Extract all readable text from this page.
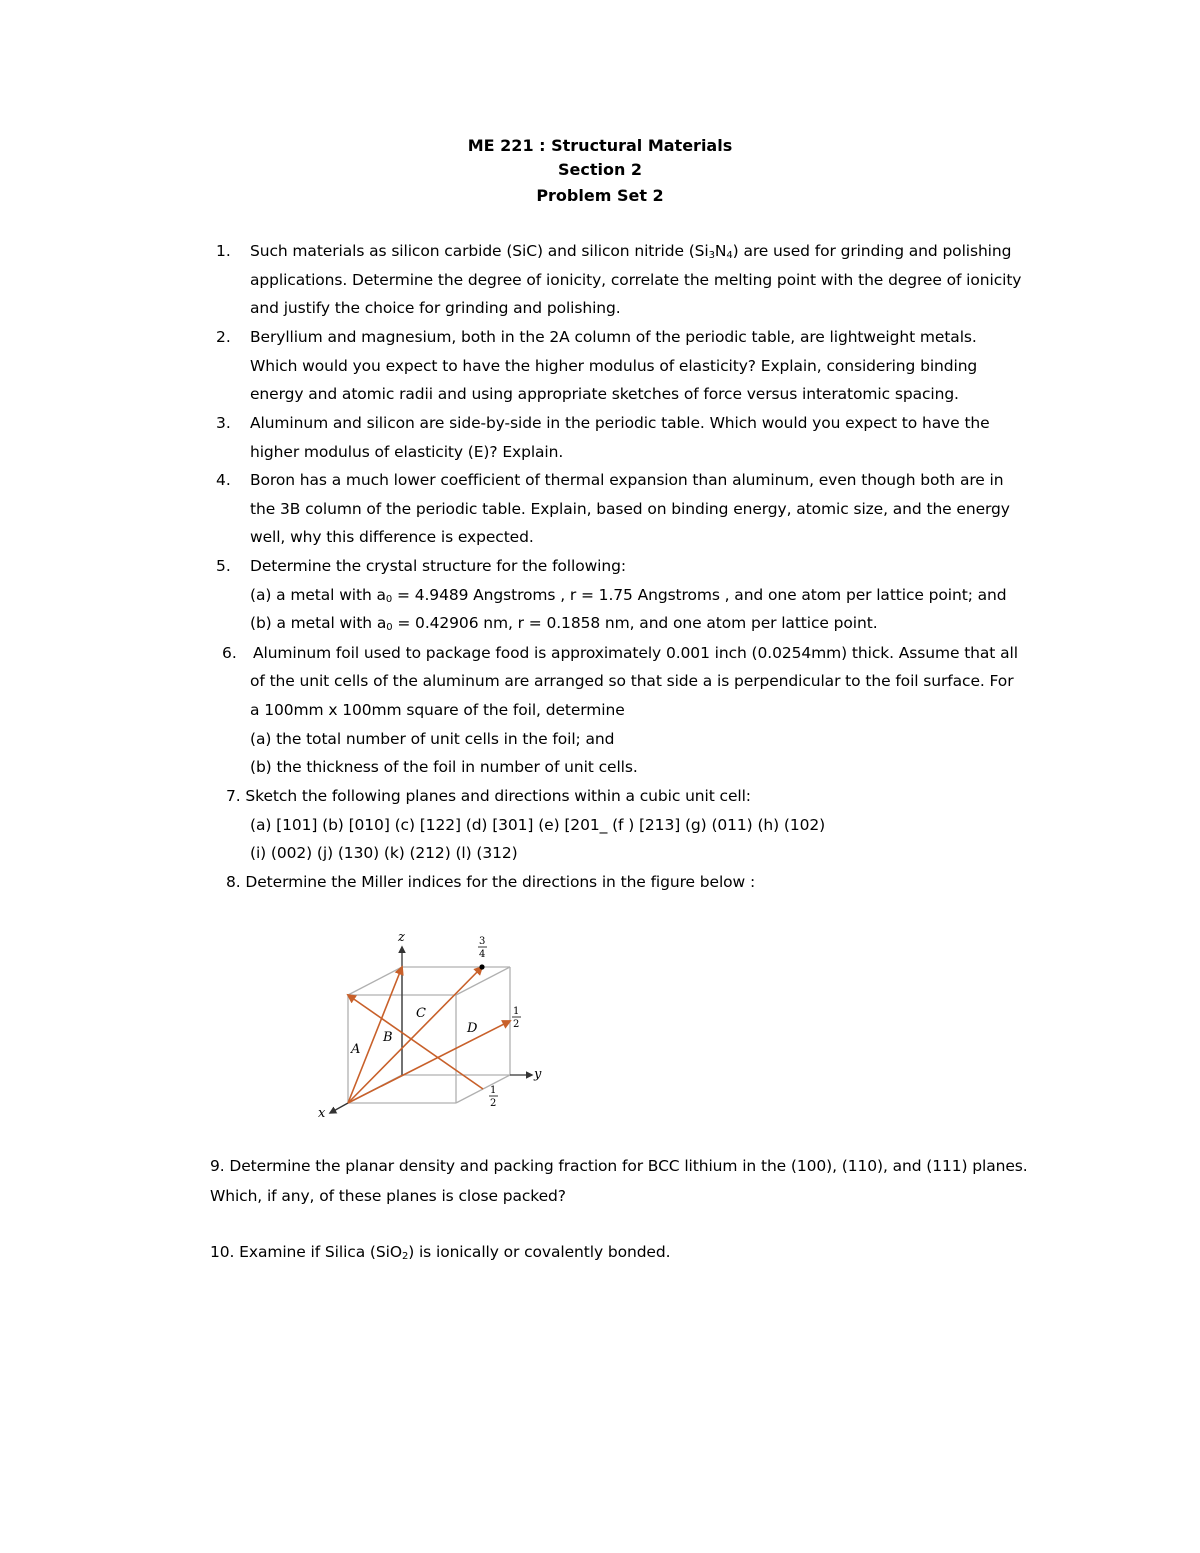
ME 221 : Structural Materials

Section 2

Problem Set 2

1. Such materials as silicon carbide (SiC) and silicon nitride $(Si_3N_4)$ are used for grinding and polishing

applications. Determine the degree of ionicity, correlate the melting point with the degree of ionicity

and justify the choice for grinding and polishing.

2. Beryllium and magnesium, both in the 2A column of the periodic table, are lightweight metals.

Which would you expect to have the higher modulus of elasticity? Explain, considering binding

energy and atomic radii and using appropriate sketches of force versus interatomic spacing.

3. Aluminum and silicon are side-by-side in the periodic table. Which would you expect to have the

higher modulus of elasticity (E)? Explain.

4. Boron has a much lower coefficient of thermal expansion than aluminum, even though both are in

the 3B column of the periodic table. Explain, based on binding energy, atomic size, and the energy

well, why this difference is expected.

5. Determine the crystal structure for the following:

(a) a metal with $a_0 = 4.9489$ Angstroms , r = 1.75 Angstroms , and one atom per lattice point; and

(b) a metal with $a_0 = 0.42906$ nm, r = 0.1858 nm, and one atom per lattice point.

6. Aluminum foil used to package food is approximately 0.001 inch (0.0254mm) thick. Assume that all

of the unit cells of the aluminum are arranged so that side a is perpendicular to the foil surface. For

a 100mm x 100mm square of the foil, determine

(a) the total number of unit cells in the foil; and

(b) the thickness of the foil in number of unit cells.

7. Sketch the following planes and directions within a cubic unit cell:

(a) [101] (b) [010] (c) [122] (d) [301] (e) [201_ (f ) [213] (g) (011) (h) (102)

(i) (002) (j) (130) (k) (212) (l) (312)

8. Determine the Miller indices for the directions in the figure below :

z
y
x
A
B
C
D
3
4
1
2
1
2

9. Determine the planar density and packing fraction for BCC lithium in the (100), (110), and (111) planes.

Which, if any, of these planes is close packed?

10. Examine if Silica (SiO$_2$) is ionically or covalently bonded.
